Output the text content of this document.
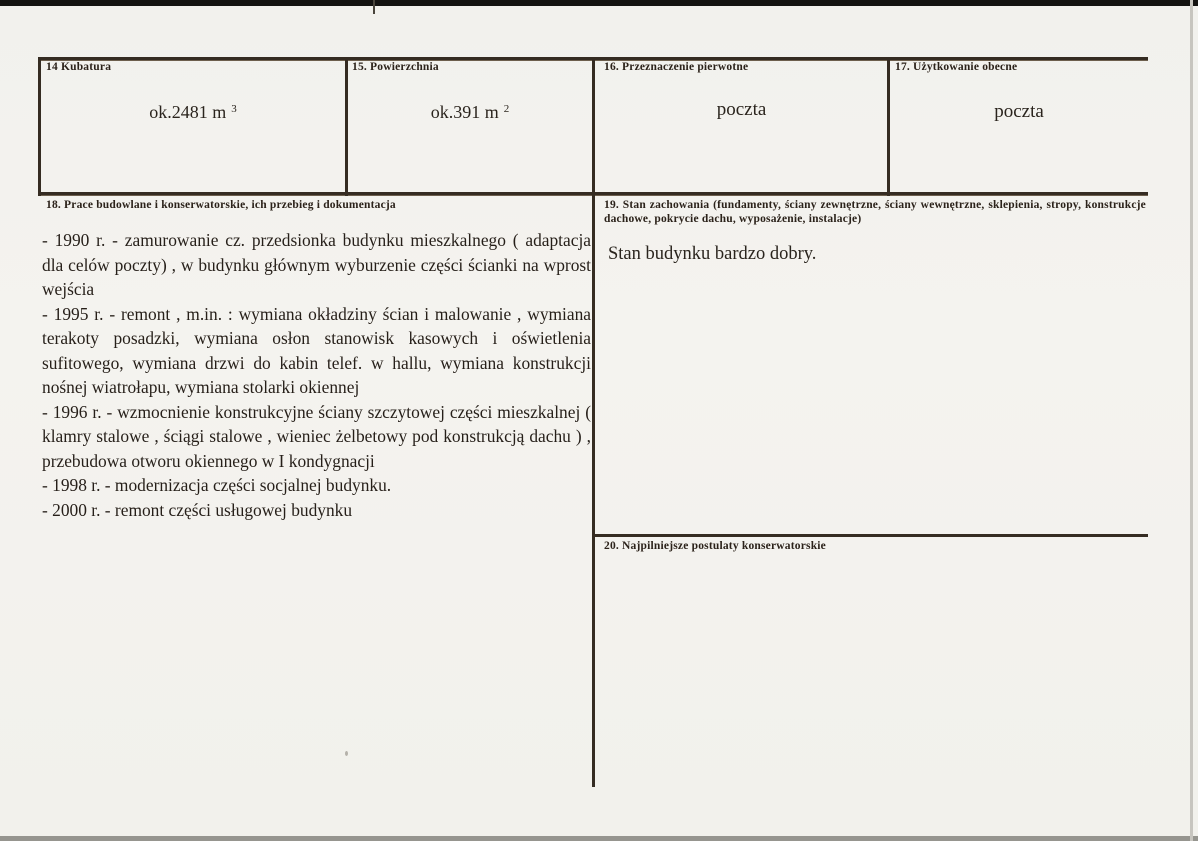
14 Kubatura
ok.2481 m $^3$
15. Powierzchnia
ok.391 m $^2$
16. Przeznaczenie pierwotne
poczta
17. Użytkowanie obecne
poczta
18. Prace budowlane i konserwatorskie, ich przebieg i dokumentacja

- 1990 r. - zamurowanie cz. przedsionka budynku mieszkalnego ( adaptacja dla celów poczty) , w budynku głównym wyburzenie części ścianki na wprost wejścia

- 1995 r. - remont , m.in. : wymiana okładziny ścian i malowanie , wymiana terakoty posadzki, wymiana osłon stanowisk kasowych i oświetlenia sufitowego, wymiana drzwi do kabin telef. w hallu, wymiana konstrukcji nośnej wiatrołapu, wymiana stolarki okiennej

- 1996 r. - wzmocnienie konstrukcyjne ściany szczytowej części mieszkalnej ( klamry stalowe , ściągi stalowe , wieniec żelbetowy pod konstrukcją dachu ) , przebudowa otworu okiennego w I kondygnacji

- 1998 r. - modernizacja części socjalnej budynku.

- 2000 r. - remont części usługowej budynku

19. Stan zachowania (fundamenty, ściany zewnętrzne, ściany wewnętrzne, sklepienia, stropy, konstrukcje dachowe, pokrycie dachu, wyposażenie, instalacje)
Stan budynku bardzo dobry.
20. Najpilniejsze postulaty konserwatorskie
